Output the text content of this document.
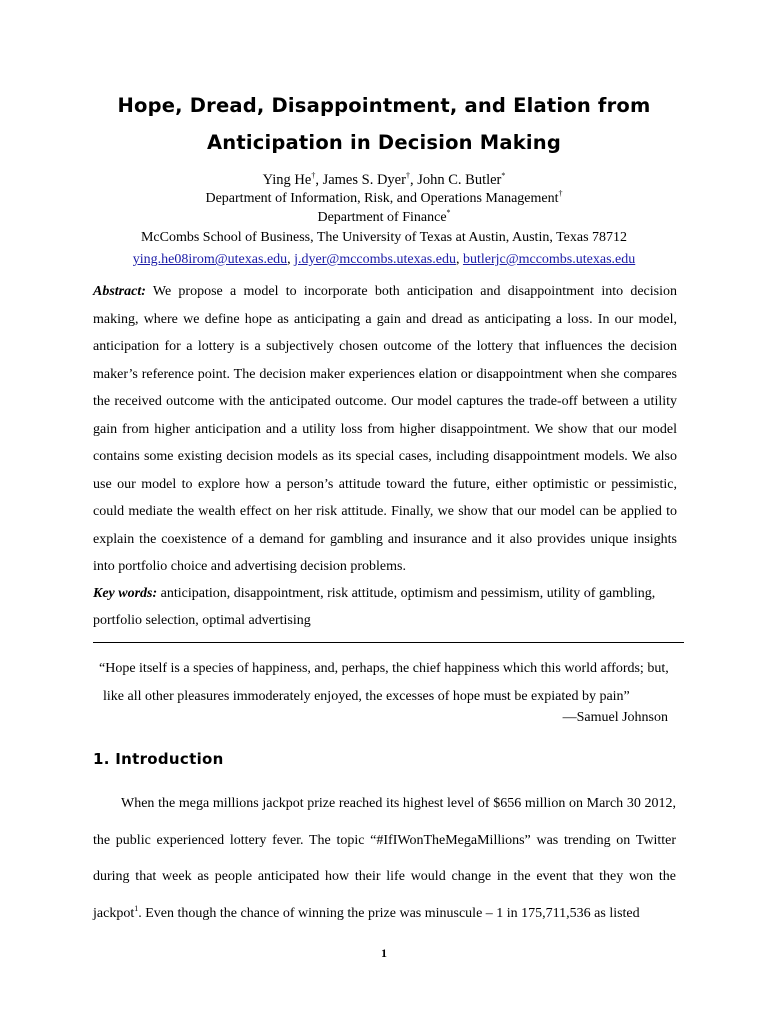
Hope, Dread, Disappointment, and Elation from
Anticipation in Decision Making
Ying He†, James S. Dyer†, John C. Butler*
Department of Information, Risk, and Operations Management†
Department of Finance*
McCombs School of Business, The University of Texas at Austin, Austin, Texas 78712
ying.he08irom@utexas.edu, j.dyer@mccombs.utexas.edu, butlerjc@mccombs.utexas.edu

Abstract: We propose a model to incorporate both anticipation and disappointment into decision making, where we define hope as anticipating a gain and dread as anticipating a loss. In our model, anticipation for a lottery is a subjectively chosen outcome of the lottery that influences the decision maker’s reference point. The decision maker experiences elation or disappointment when she compares the received outcome with the anticipated outcome. Our model captures the trade-off between a utility gain from higher anticipation and a utility loss from higher disappointment. We show that our model contains some existing decision models as its special cases, including disappointment models. We also use our model to explore how a person’s attitude toward the future, either optimistic or pessimistic, could mediate the wealth effect on her risk attitude. Finally, we show that our model can be applied to explain the coexistence of a demand for gambling and insurance and it also provides unique insights into portfolio choice and advertising decision problems.

Key words: anticipation, disappointment, risk attitude, optimism and pessimism, utility of gambling, portfolio selection, optimal advertising

“Hope itself is a species of happiness, and, perhaps, the chief happiness which this world affords; but,
like all other pleasures immoderately enjoyed, the excesses of hope must be expiated by pain”

—Samuel Johnson
1. Introduction

When the mega millions jackpot prize reached its highest level of $656 million on March 30 2012, the public experienced lottery fever. The topic “#IfIWonTheMegaMillions” was trending on Twitter during that week as people anticipated how their life would change in the event that they won the jackpot$^1$. Even though the chance of winning the prize was minuscule – 1 in 175,711,536 as listed

1
